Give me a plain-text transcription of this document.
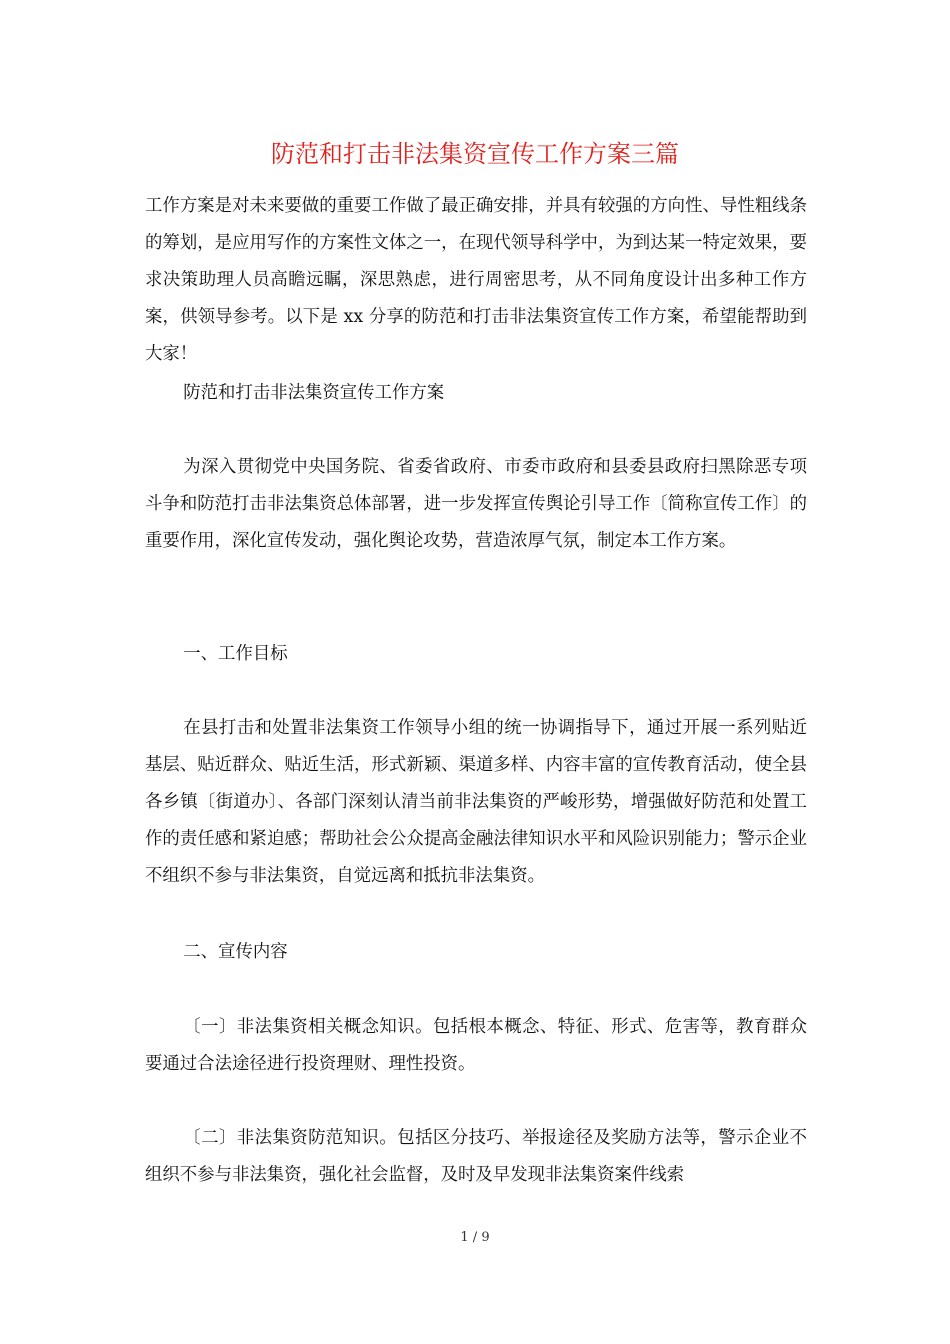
防范和打击非法集资宣传工作方案三篇

工作方案是对未来要做的重要工作做了最正确安排，并具有较强的方向性、导性粗线条的筹划，是应用写作的方案性文体之一，在现代领导科学中，为到达某一特定效果，要求决策助理人员高瞻远瞩，深思熟虑，进行周密思考，从不同角度设计出多种工作方案，供领导参考。以下是 xx 分享的防范和打击非法集资宣传工作方案，希望能帮助到大家！

防范和打击非法集资宣传工作方案

为深入贯彻党中央国务院、省委省政府、市委市政府和县委县政府扫黑除恶专项斗争和防范打击非法集资总体部署，进一步发挥宣传舆论引导工作〔简称宣传工作〕的重要作用，深化宣传发动，强化舆论攻势，营造浓厚气氛，制定本工作方案。

一、工作目标

在县打击和处置非法集资工作领导小组的统一协调指导下，通过开展一系列贴近基层、贴近群众、贴近生活，形式新颖、渠道多样、内容丰富的宣传教育活动，使全县各乡镇〔街道办〕、各部门深刻认清当前非法集资的严峻形势，增强做好防范和处置工作的责任感和紧迫感；帮助社会公众提高金融法律知识水平和风险识别能力；警示企业不组织不参与非法集资，自觉远离和抵抗非法集资。

二、宣传内容

〔一〕非法集资相关概念知识。包括根本概念、特征、形式、危害等，教育群众要通过合法途径进行投资理财、理性投资。

〔二〕非法集资防范知识。包括区分技巧、举报途径及奖励方法等，警示企业不组织不参与非法集资，强化社会监督，及时及早发现非法集资案件线索

1 / 9
